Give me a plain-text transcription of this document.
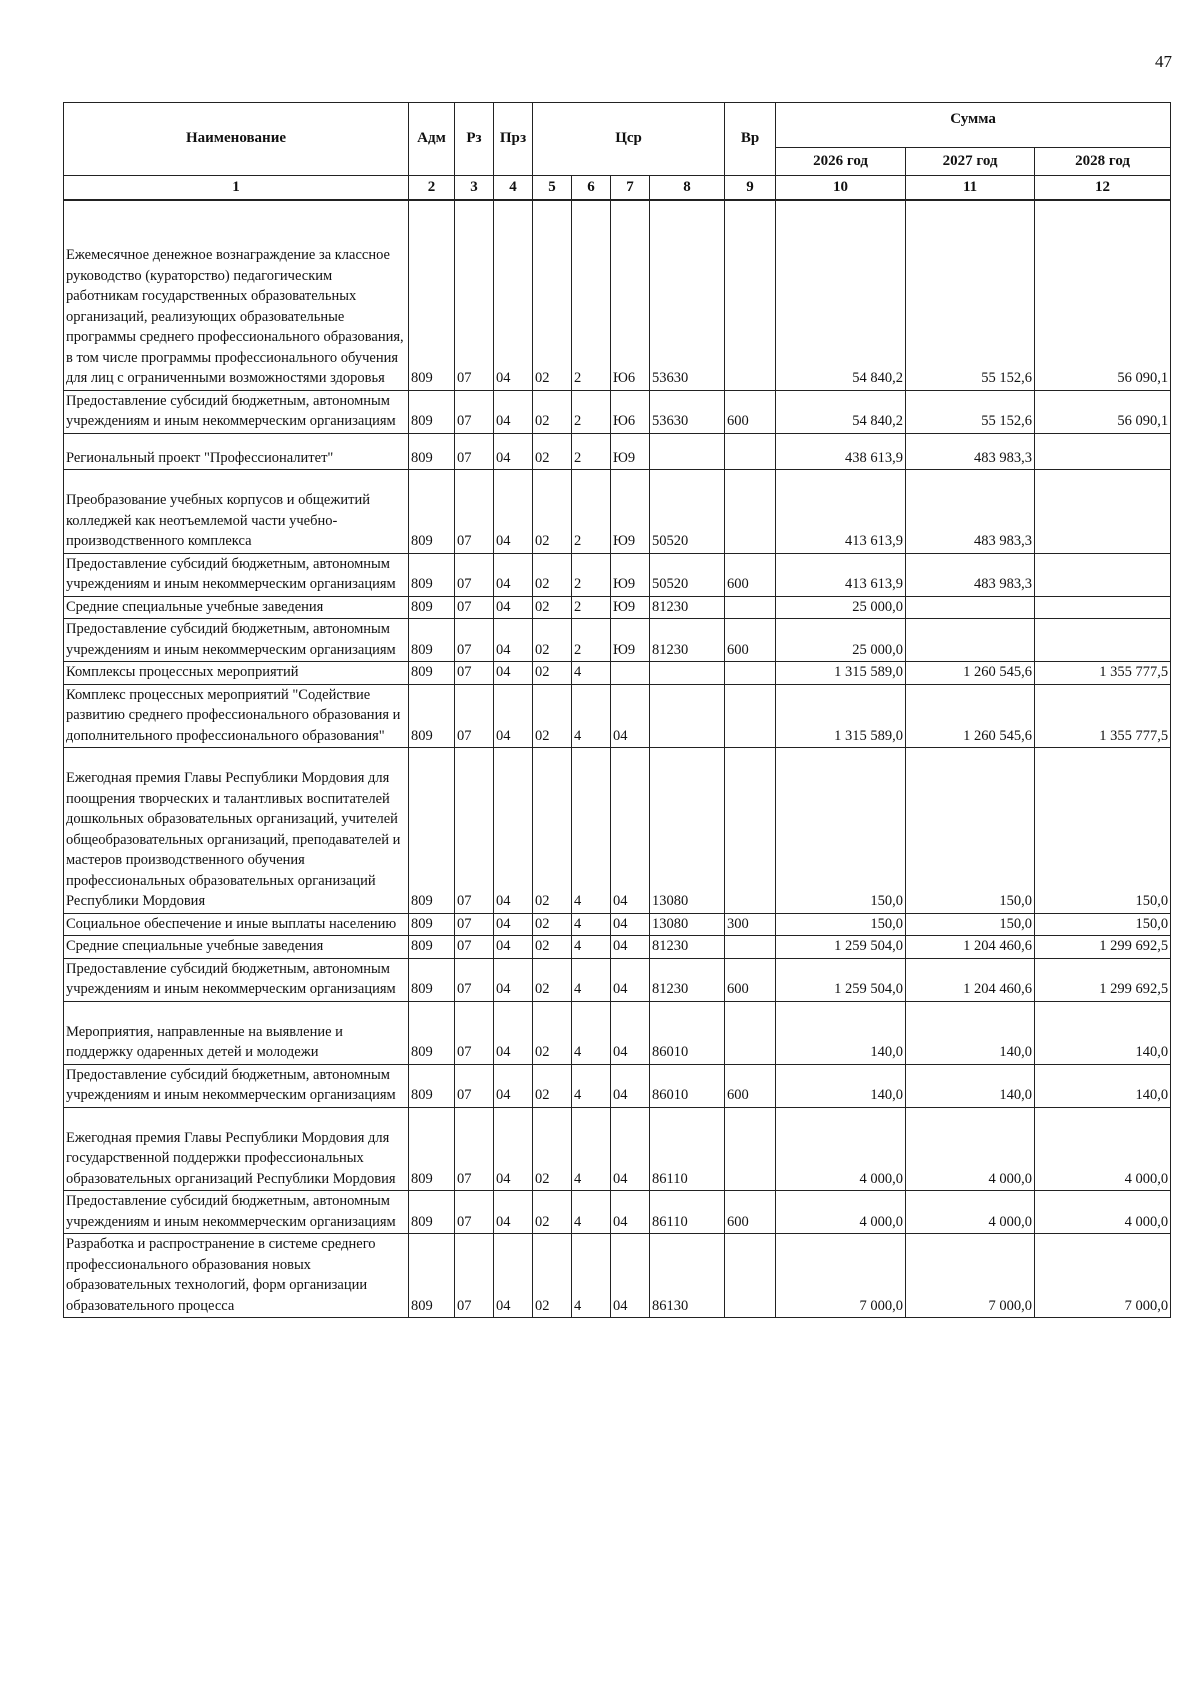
47
Наименование	Адм	Рз	Прз	Цср				Вр	Сумма		
									2026 год	2027 год	2028 год
1	2	3	4	5	6	7	8	9	10	11	12
Ежемесячное денежное вознаграждение за классное руководство (кураторство) педагогическим работникам государственных образовательных организаций, реализующих образовательные программы среднего профессионального образования, в том числе программы профессионального обучения для лиц с ограниченными возможностями здоровья	809	07	04	02	2	Ю6	53630		54 840,2	55 152,6	56 090,1
Предоставление субсидий бюджетным, автономным учреждениям и иным некоммерческим организациям	809	07	04	02	2	Ю6	53630	600	54 840,2	55 152,6	56 090,1
Региональный проект "Профессионалитет"	809	07	04	02	2	Ю9			438 613,9	483 983,3	
Преобразование учебных корпусов и общежитий колледжей как неотъемлемой части учебно-производственного комплекса	809	07	04	02	2	Ю9	50520		413 613,9	483 983,3	
Предоставление субсидий бюджетным, автономным учреждениям и иным некоммерческим организациям	809	07	04	02	2	Ю9	50520	600	413 613,9	483 983,3	
Средние специальные учебные заведения	809	07	04	02	2	Ю9	81230		25 000,0		
Предоставление субсидий бюджетным, автономным учреждениям и иным некоммерческим организациям	809	07	04	02	2	Ю9	81230	600	25 000,0		
Комплексы процессных мероприятий	809	07	04	02	4				1 315 589,0	1 260 545,6	1 355 777,5
Комплекс процессных мероприятий "Содействие развитию среднего профессионального образования и дополнительного профессионального образования"	809	07	04	02	4	04			1 315 589,0	1 260 545,6	1 355 777,5
Ежегодная премия Главы Республики Мордовия для поощрения творческих и талантливых воспитателей дошкольных образовательных организаций, учителей общеобразовательных организаций, преподавателей и мастеров производственного обучения профессиональных образовательных организаций Республики Мордовия	809	07	04	02	4	04	13080		150,0	150,0	150,0
Социальное обеспечение и иные выплаты населению	809	07	04	02	4	04	13080	300	150,0	150,0	150,0
Средние специальные учебные заведения	809	07	04	02	4	04	81230		1 259 504,0	1 204 460,6	1 299 692,5
Предоставление субсидий бюджетным, автономным учреждениям и иным некоммерческим организациям	809	07	04	02	4	04	81230	600	1 259 504,0	1 204 460,6	1 299 692,5
Мероприятия, направленные на выявление и поддержку одаренных детей и молодежи	809	07	04	02	4	04	86010		140,0	140,0	140,0
Предоставление субсидий бюджетным, автономным учреждениям и иным некоммерческим организациям	809	07	04	02	4	04	86010	600	140,0	140,0	140,0
Ежегодная премия Главы Республики Мордовия для государственной поддержки профессиональных образовательных организаций Республики Мордовия	809	07	04	02	4	04	86110		4 000,0	4 000,0	4 000,0
Предоставление субсидий бюджетным, автономным учреждениям и иным некоммерческим организациям	809	07	04	02	4	04	86110	600	4 000,0	4 000,0	4 000,0
Разработка и распространение в системе среднего профессионального образования новых образовательных технологий, форм организации образовательного процесса	809	07	04	02	4	04	86130		7 000,0	7 000,0	7 000,0
